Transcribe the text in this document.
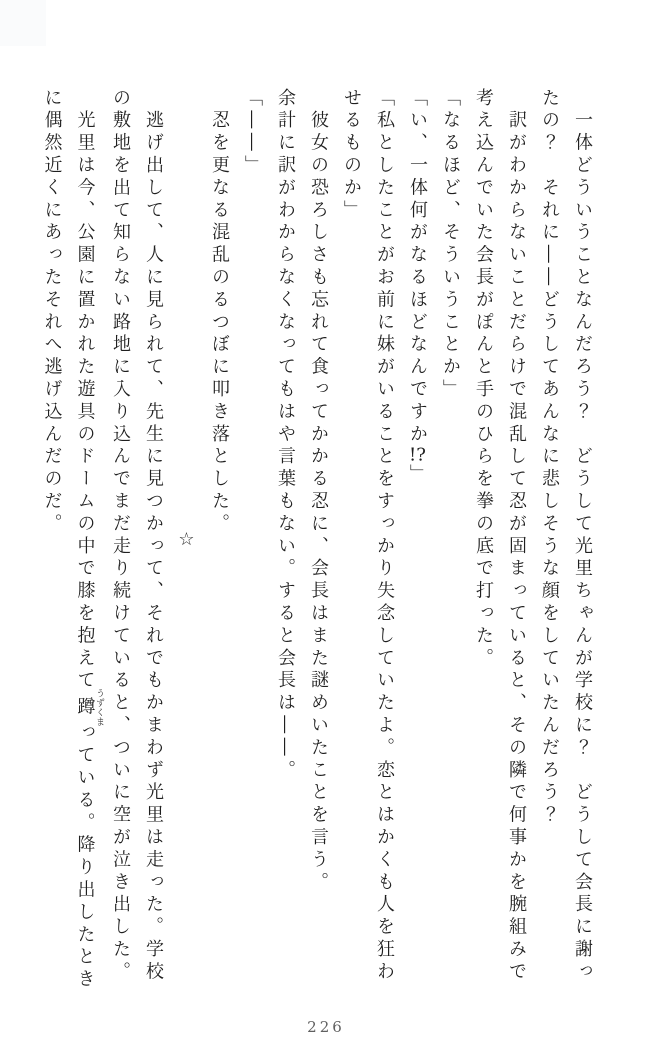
　一体どういうことなんだろう？　どうして光里ちゃんが学校に？　どうして会長に謝っ
たの？　それに――どうしてあんなに悲しそうな顔をしていたんだろう？
　訳がわからないことだらけで混乱して忍が固まっていると、その隣で何事かを腕組みで
考え込んでいた会長がぽんと手のひらを拳の底で打った。
「なるほど、そういうことか」
「い、一体何がなるほどなんですか!?」
「私としたことがお前に妹がいることをすっかり失念していたよ。恋とはかくも人を狂わ
せるものか」
　彼女の恐ろしさも忘れて食ってかかる忍に、会長はまた謎めいたことを言う。
余計に訳がわからなくなってもはや言葉もない。すると会長は――。
「――」
　忍を更なる混乱のるつぼに叩き落とした。
☆
　逃げ出して、人に見られて、先生に見つかって、それでもかまわず光里は走った。学校
の敷地を出て知らない路地に入り込んでまだ走り続けていると、ついに空が泣き出した。
　光里は今、公園に置かれた遊具のドームの中で膝を抱えて蹲うずくまっている。降り出したとき
に偶然近くにあったそれへ逃げ込んだのだ。
226
